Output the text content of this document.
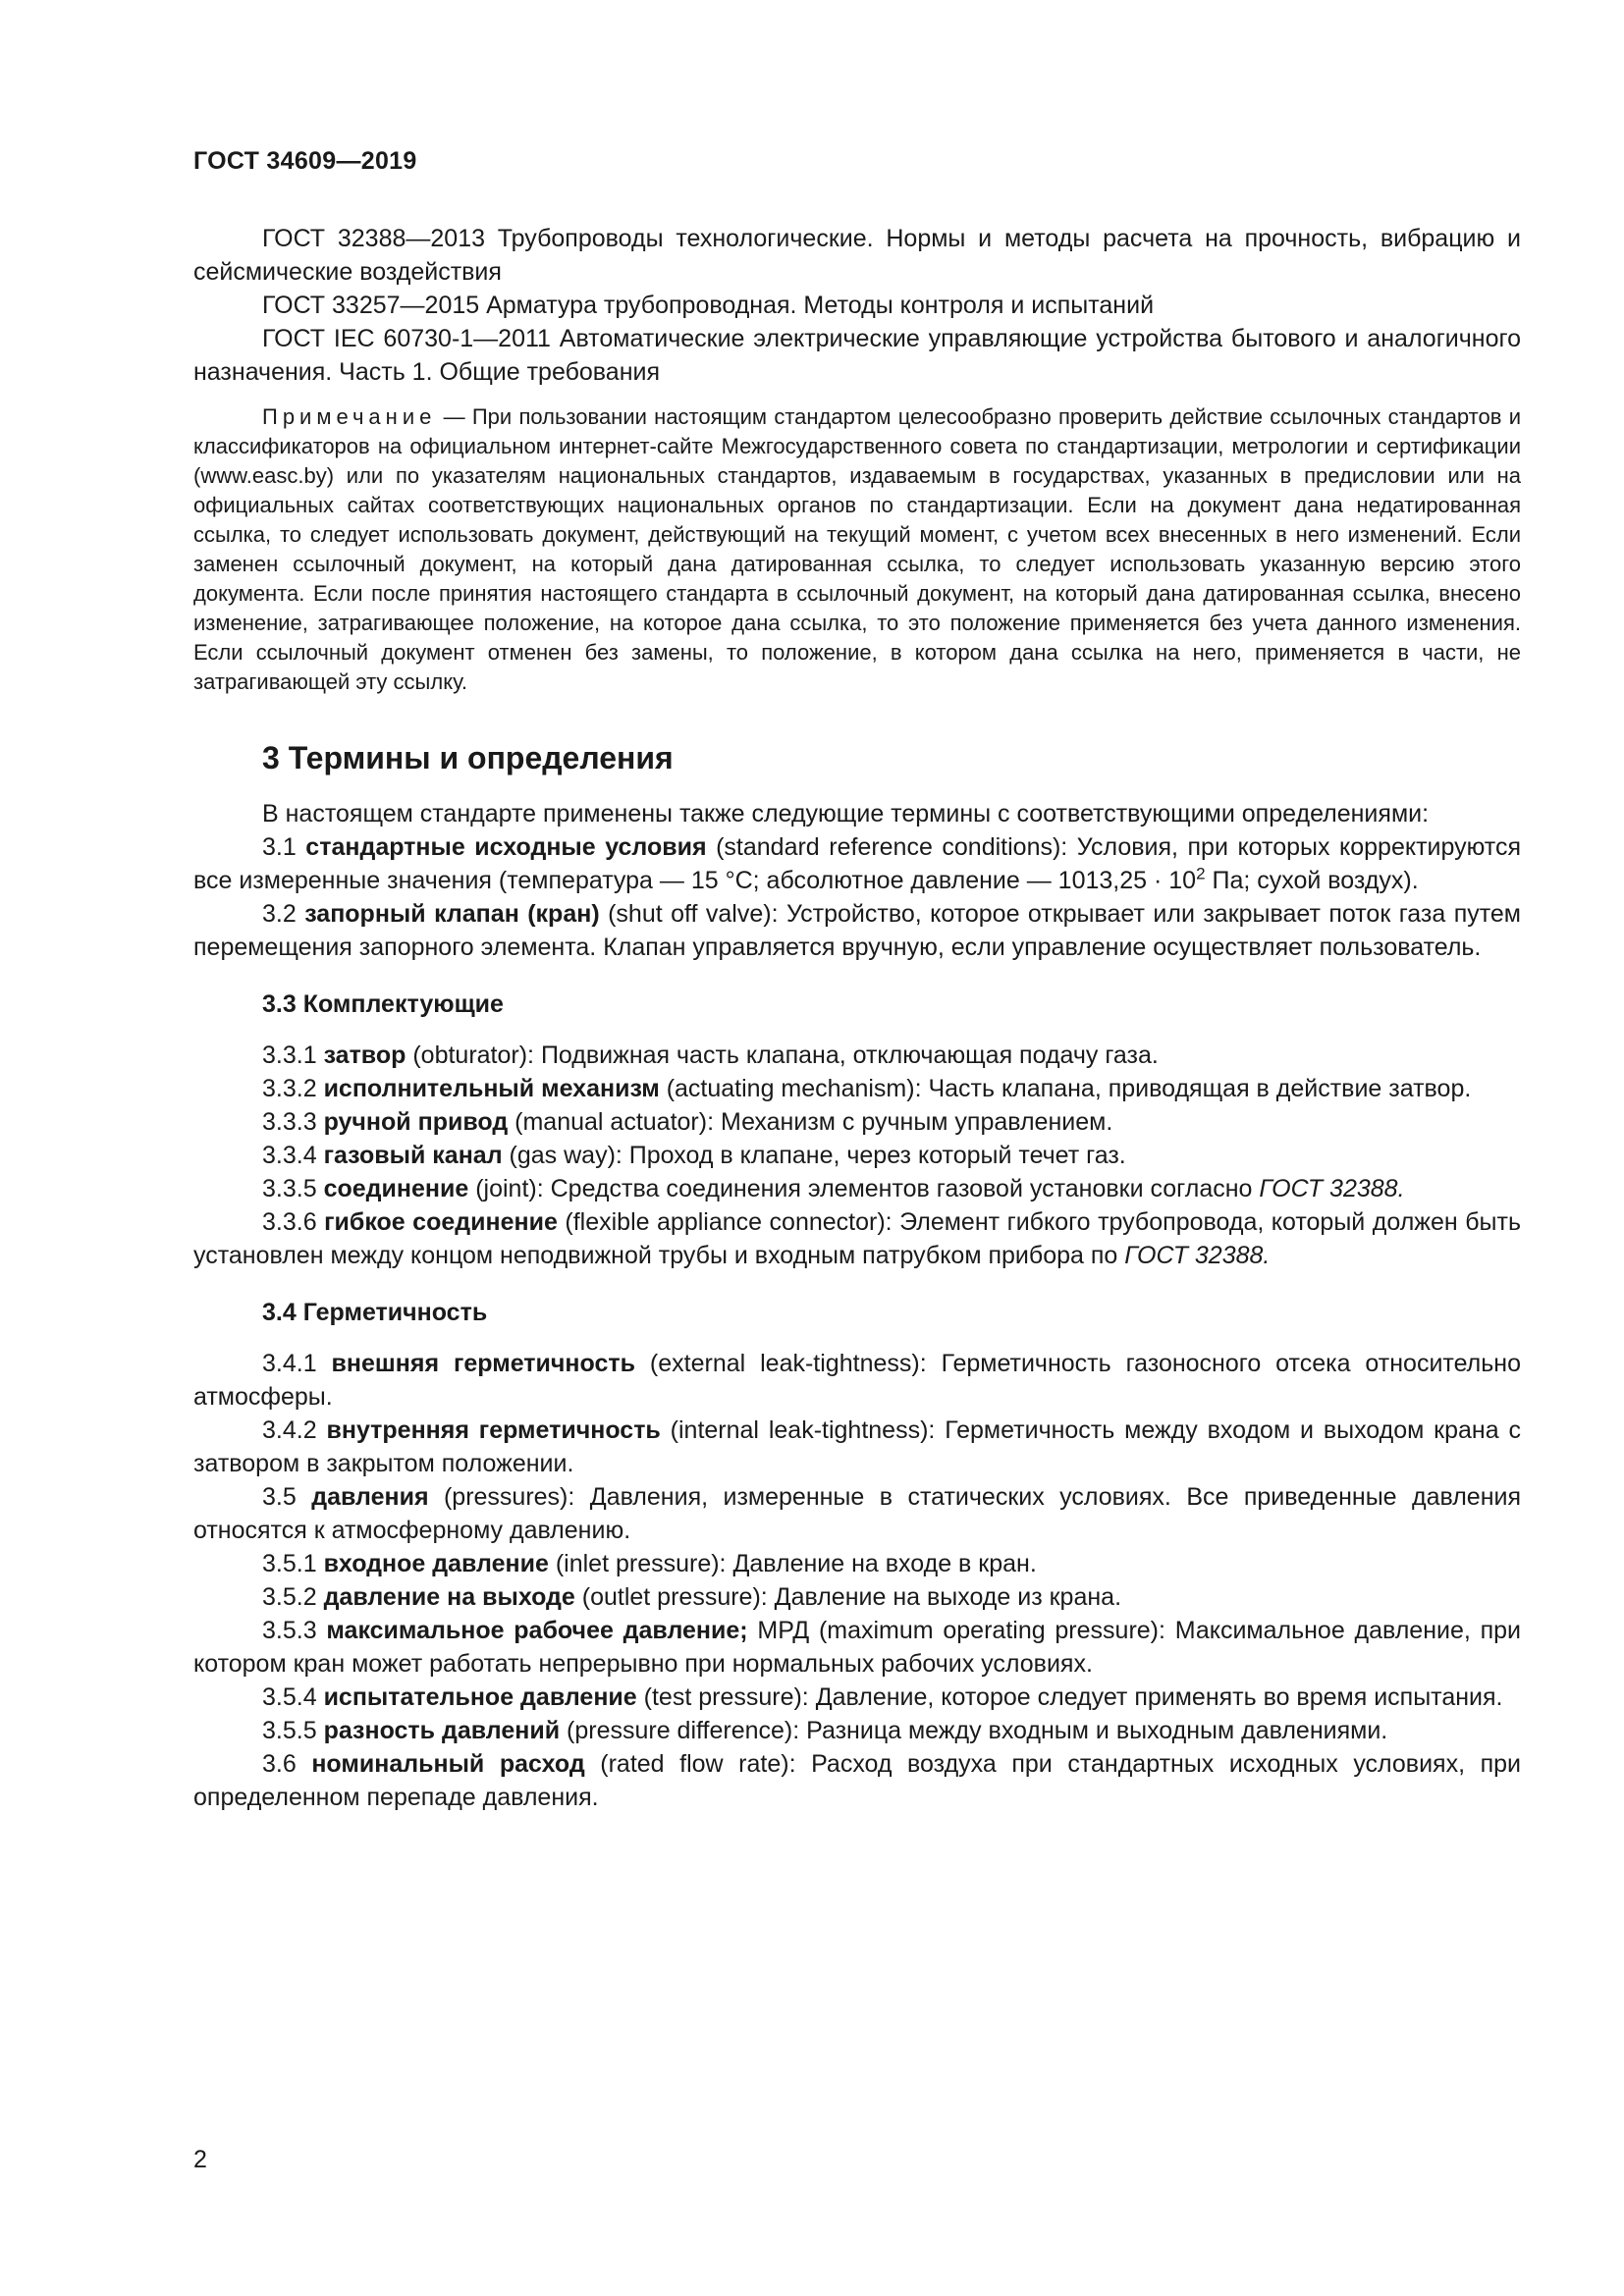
ГОСТ 34609—2019

ГОСТ 32388—2013 Трубопроводы технологические. Нормы и методы расчета на прочность, вибрацию и сейсмические воздействия

ГОСТ 33257—2015 Арматура трубопроводная. Методы контроля и испытаний

ГОСТ IEC 60730-1—2011 Автоматические электрические управляющие устройства бытового и аналогичного назначения. Часть 1. Общие требования

Примечание — При пользовании настоящим стандартом целесообразно проверить действие ссылочных стандартов и классификаторов на официальном интернет-сайте Межгосударственного совета по стандартизации, метрологии и сертификации (www.easc.by) или по указателям национальных стандартов, издаваемым в государствах, указанных в предисловии или на официальных сайтах соответствующих национальных органов по стандартизации. Если на документ дана недатированная ссылка, то следует использовать документ, действующий на текущий момент, с учетом всех внесенных в него изменений. Если заменен ссылочный документ, на который дана датированная ссылка, то следует использовать указанную версию этого документа. Если после принятия настоящего стандарта в ссылочный документ, на который дана датированная ссылка, внесено изменение, затрагивающее положение, на которое дана ссылка, то это положение применяется без учета данного изменения. Если ссылочный документ отменен без замены, то положение, в котором дана ссылка на него, применяется в части, не затрагивающей эту ссылку.
3 Термины и определения

В настоящем стандарте применены также следующие термины с соответствующими определениями:

3.1 стандартные исходные условия (standard reference conditions): Условия, при которых корректируются все измеренные значения (температура — 15 °C; абсолютное давление — $1013,25 \cdot 10^2$ Па; сухой воздух).

3.2 запорный клапан (кран) (shut off valve): Устройство, которое открывает или закрывает поток газа путем перемещения запорного элемента. Клапан управляется вручную, если управление осуществляет пользователь.

3.3 Комплектующие

3.3.1 затвор (obturator): Подвижная часть клапана, отключающая подачу газа.

3.3.2 исполнительный механизм (actuating mechanism): Часть клапана, приводящая в действие затвор.

3.3.3 ручной привод (manual actuator): Механизм с ручным управлением.

3.3.4 газовый канал (gas way): Проход в клапане, через который течет газ.

3.3.5 соединение (joint): Средства соединения элементов газовой установки согласно ГОСТ 32388.

3.3.6 гибкое соединение (flexible appliance connector): Элемент гибкого трубопровода, который должен быть установлен между концом неподвижной трубы и входным патрубком прибора по ГОСТ 32388.

3.4 Герметичность

3.4.1 внешняя герметичность (external leak-tightness): Герметичность газоносного отсека относительно атмосферы.

3.4.2 внутренняя герметичность (internal leak-tightness): Герметичность между входом и выходом крана с затвором в закрытом положении.

3.5 давления (pressures): Давления, измеренные в статических условиях. Все приведенные давления относятся к атмосферному давлению.

3.5.1 входное давление (inlet pressure): Давление на входе в кран.

3.5.2 давление на выходе (outlet pressure): Давление на выходе из крана.

3.5.3 максимальное рабочее давление; МРД (maximum operating pressure): Максимальное давление, при котором кран может работать непрерывно при нормальных рабочих условиях.

3.5.4 испытательное давление (test pressure): Давление, которое следует применять во время испытания.

3.5.5 разность давлений (pressure difference): Разница между входным и выходным давлениями.

3.6 номинальный расход (rated flow rate): Расход воздуха при стандартных исходных условиях, при определенном перепаде давления.

2
